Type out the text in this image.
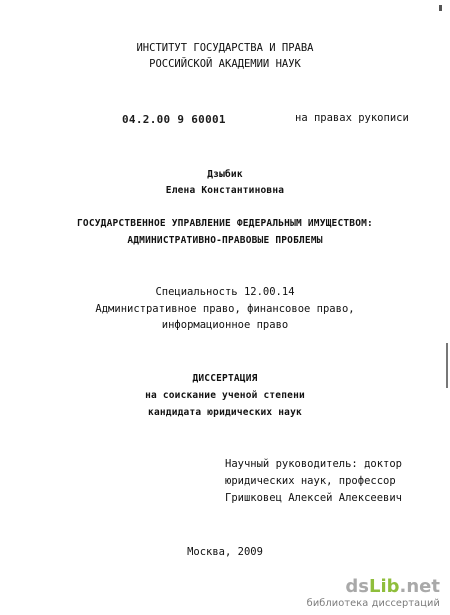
ИНСТИТУТ ГОСУДАРСТВА И ПРАВА
РОССИЙСКОЙ АКАДЕМИИ НАУК
04.2.00 9 60001	на правах рукописи
Дзыбик
Елена Константиновна
ГОСУДАРСТВЕННОЕ УПРАВЛЕНИЕ ФЕДЕРАЛЬНЫМ ИМУЩЕСТВОМ:
АДМИНИСТРАТИВНО-ПРАВОВЫЕ ПРОБЛЕМЫ
Специальность 12.00.14
Административное право, финансовое право,
информационное право
ДИССЕРТАЦИЯ
на соискание ученой степени
кандидата юридических наук
Научный руководитель: доктор
юридических наук, профессор
Гришковец Алексей Алексеевич
Москва, 2009
dsLib.net
библиотека диссертаций
